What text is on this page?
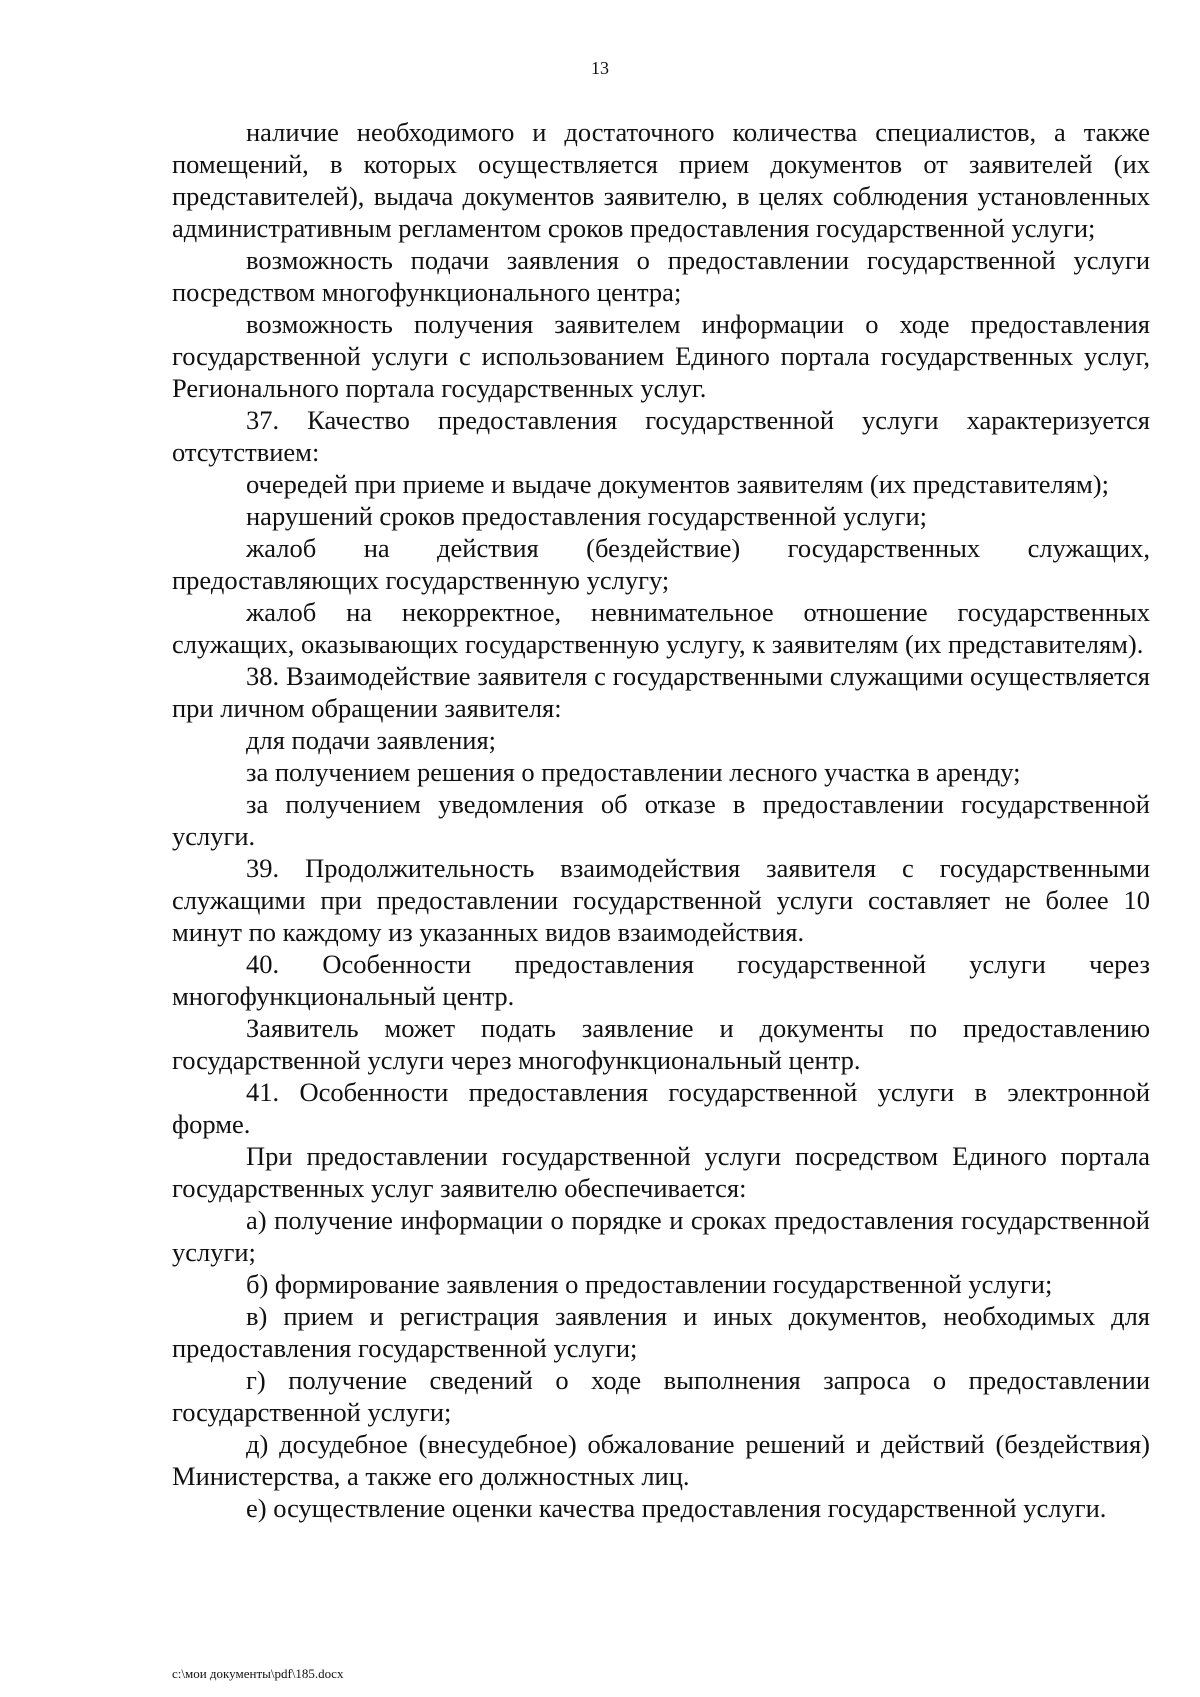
13

наличие необходимого и достаточного количества специалистов, а также помещений, в которых осуществляется прием документов от заявителей (их представителей), выдача документов заявителю, в целях соблюдения установленных административным регламентом сроков предоставления государственной услуги;

возможность подачи заявления о предоставлении государственной услуги посредством многофункционального центра;

возможность получения заявителем информации о ходе предоставления государственной услуги с использованием Единого портала государственных услуг, Регионального портала государственных услуг.

37. Качество предоставления государственной услуги характеризуется отсутствием:

очередей при приеме и выдаче документов заявителям (их представителям);

нарушений сроков предоставления государственной услуги;

жалоб на действия (бездействие) государственных служащих, предоставляющих государственную услугу;

жалоб на некорректное, невнимательное отношение государственных служащих, оказывающих государственную услугу, к заявителям (их представителям).

38. Взаимодействие заявителя с государственными служащими осуществляется при личном обращении заявителя:

для подачи заявления;

за получением решения о предоставлении лесного участка в аренду;

за получением уведомления об отказе в предоставлении государственной услуги.

39. Продолжительность взаимодействия заявителя с государственными служащими при предоставлении государственной услуги составляет не более 10 минут по каждому из указанных видов взаимодействия.

40. Особенности предоставления государственной услуги через многофункциональный центр.

Заявитель может подать заявление и документы по предоставлению государственной услуги через многофункциональный центр.

41. Особенности предоставления государственной услуги в электронной форме.

При предоставлении государственной услуги посредством Единого портала государственных услуг заявителю обеспечивается:

а) получение информации о порядке и сроках предоставления государственной услуги;

б) формирование заявления о предоставлении государственной услуги;

в) прием и регистрация заявления и иных документов, необходимых для предоставления государственной услуги;

г) получение сведений о ходе выполнения запроса о предоставлении государственной услуги;

д) досудебное (внесудебное) обжалование решений и действий (бездействия) Министерства, а также его должностных лиц.

е) осуществление оценки качества предоставления государственной услуги.

c:\мои документы\pdf\185.docx
